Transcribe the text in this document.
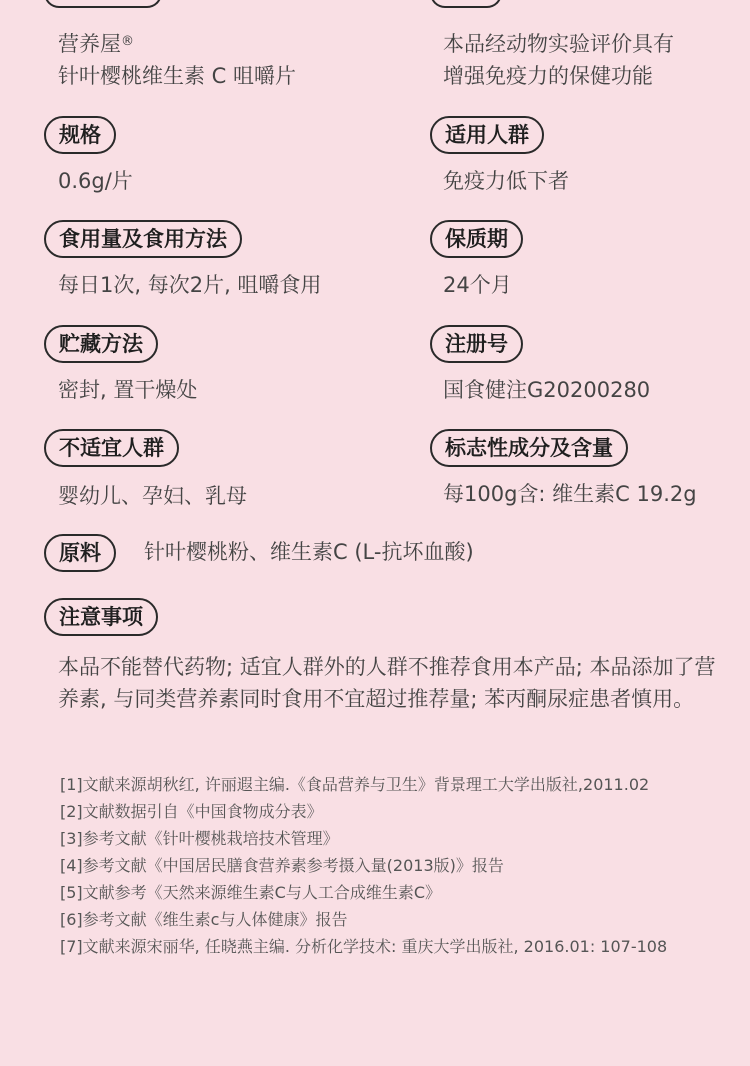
营养屋®
针叶樱桃维生素 C 咀嚼片
本品经动物实验评价具有
增强免疫力的保健功能
规格
0.6g/片
适用人群
免疫力低下者
食用量及食用方法
每日1次, 每次2片, 咀嚼食用
保质期
24个月
贮藏方法
密封, 置干燥处
注册号
国食健注G20200280
不适宜人群
婴幼儿、孕妇、乳母
标志性成分及含量
每100g含: 维生素C 19.2g
原料	针叶樱桃粉、维生素C (L-抗坏血酸)
注意事项
本品不能替代药物; 适宜人群外的人群不推荐食用本产品; 本品添加了营养素, 与同类营养素同时食用不宜超过推荐量; 苯丙酮尿症患者慎用。
[1]文献来源胡秋红, 许丽遐主编.《食品营养与卫生》背景理工大学出版社,2011.02
[2]文献数据引自《中国食物成分表》
[3]参考文献《针叶樱桃栽培技术管理》
[4]参考文献《中国居民膳食营养素参考摄入量(2013版)》报告
[5]文献参考《天然来源维生素C与人工合成维生素C》
[6]参考文献《维生素c与人体健康》报告
[7]文献来源宋丽华, 任晓燕主编. 分析化学技术: 重庆大学出版社, 2016.01: 107-108
